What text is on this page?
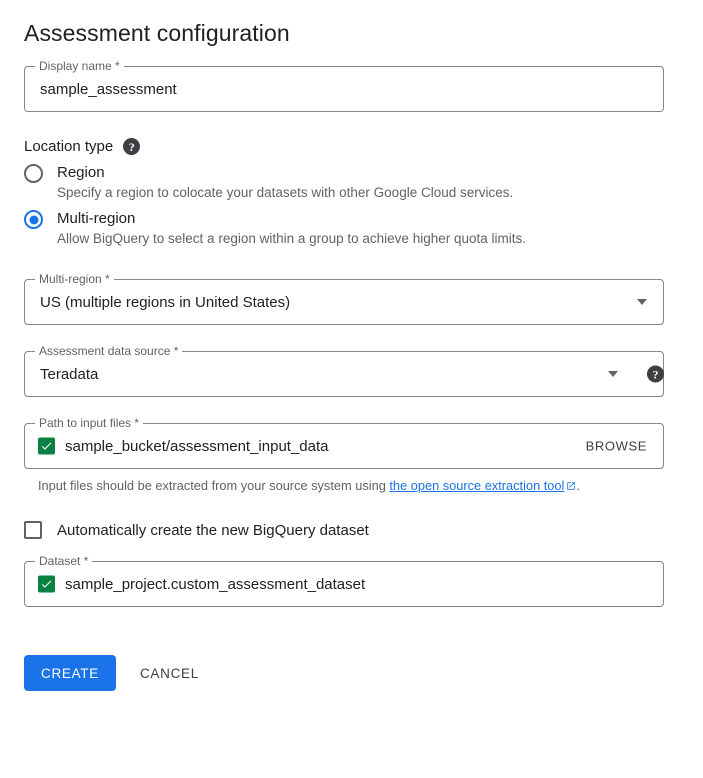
Assessment configuration
Display name *
sample_assessment
Location type	?
Region
Specify a region to colocate your datasets with other Google Cloud services.
Multi-region
Allow BigQuery to select a region within a group to achieve higher quota limits.
Multi-region *
US (multiple regions in United States)
Assessment data source *
Teradata	?
Path to input files *
sample_bucket/assessment_input_data	BROWSE
Input files should be extracted from your source system using the open source extraction tool .
Automatically create the new BigQuery dataset
Dataset *
sample_project.custom_assessment_dataset
CREATE	CANCEL
